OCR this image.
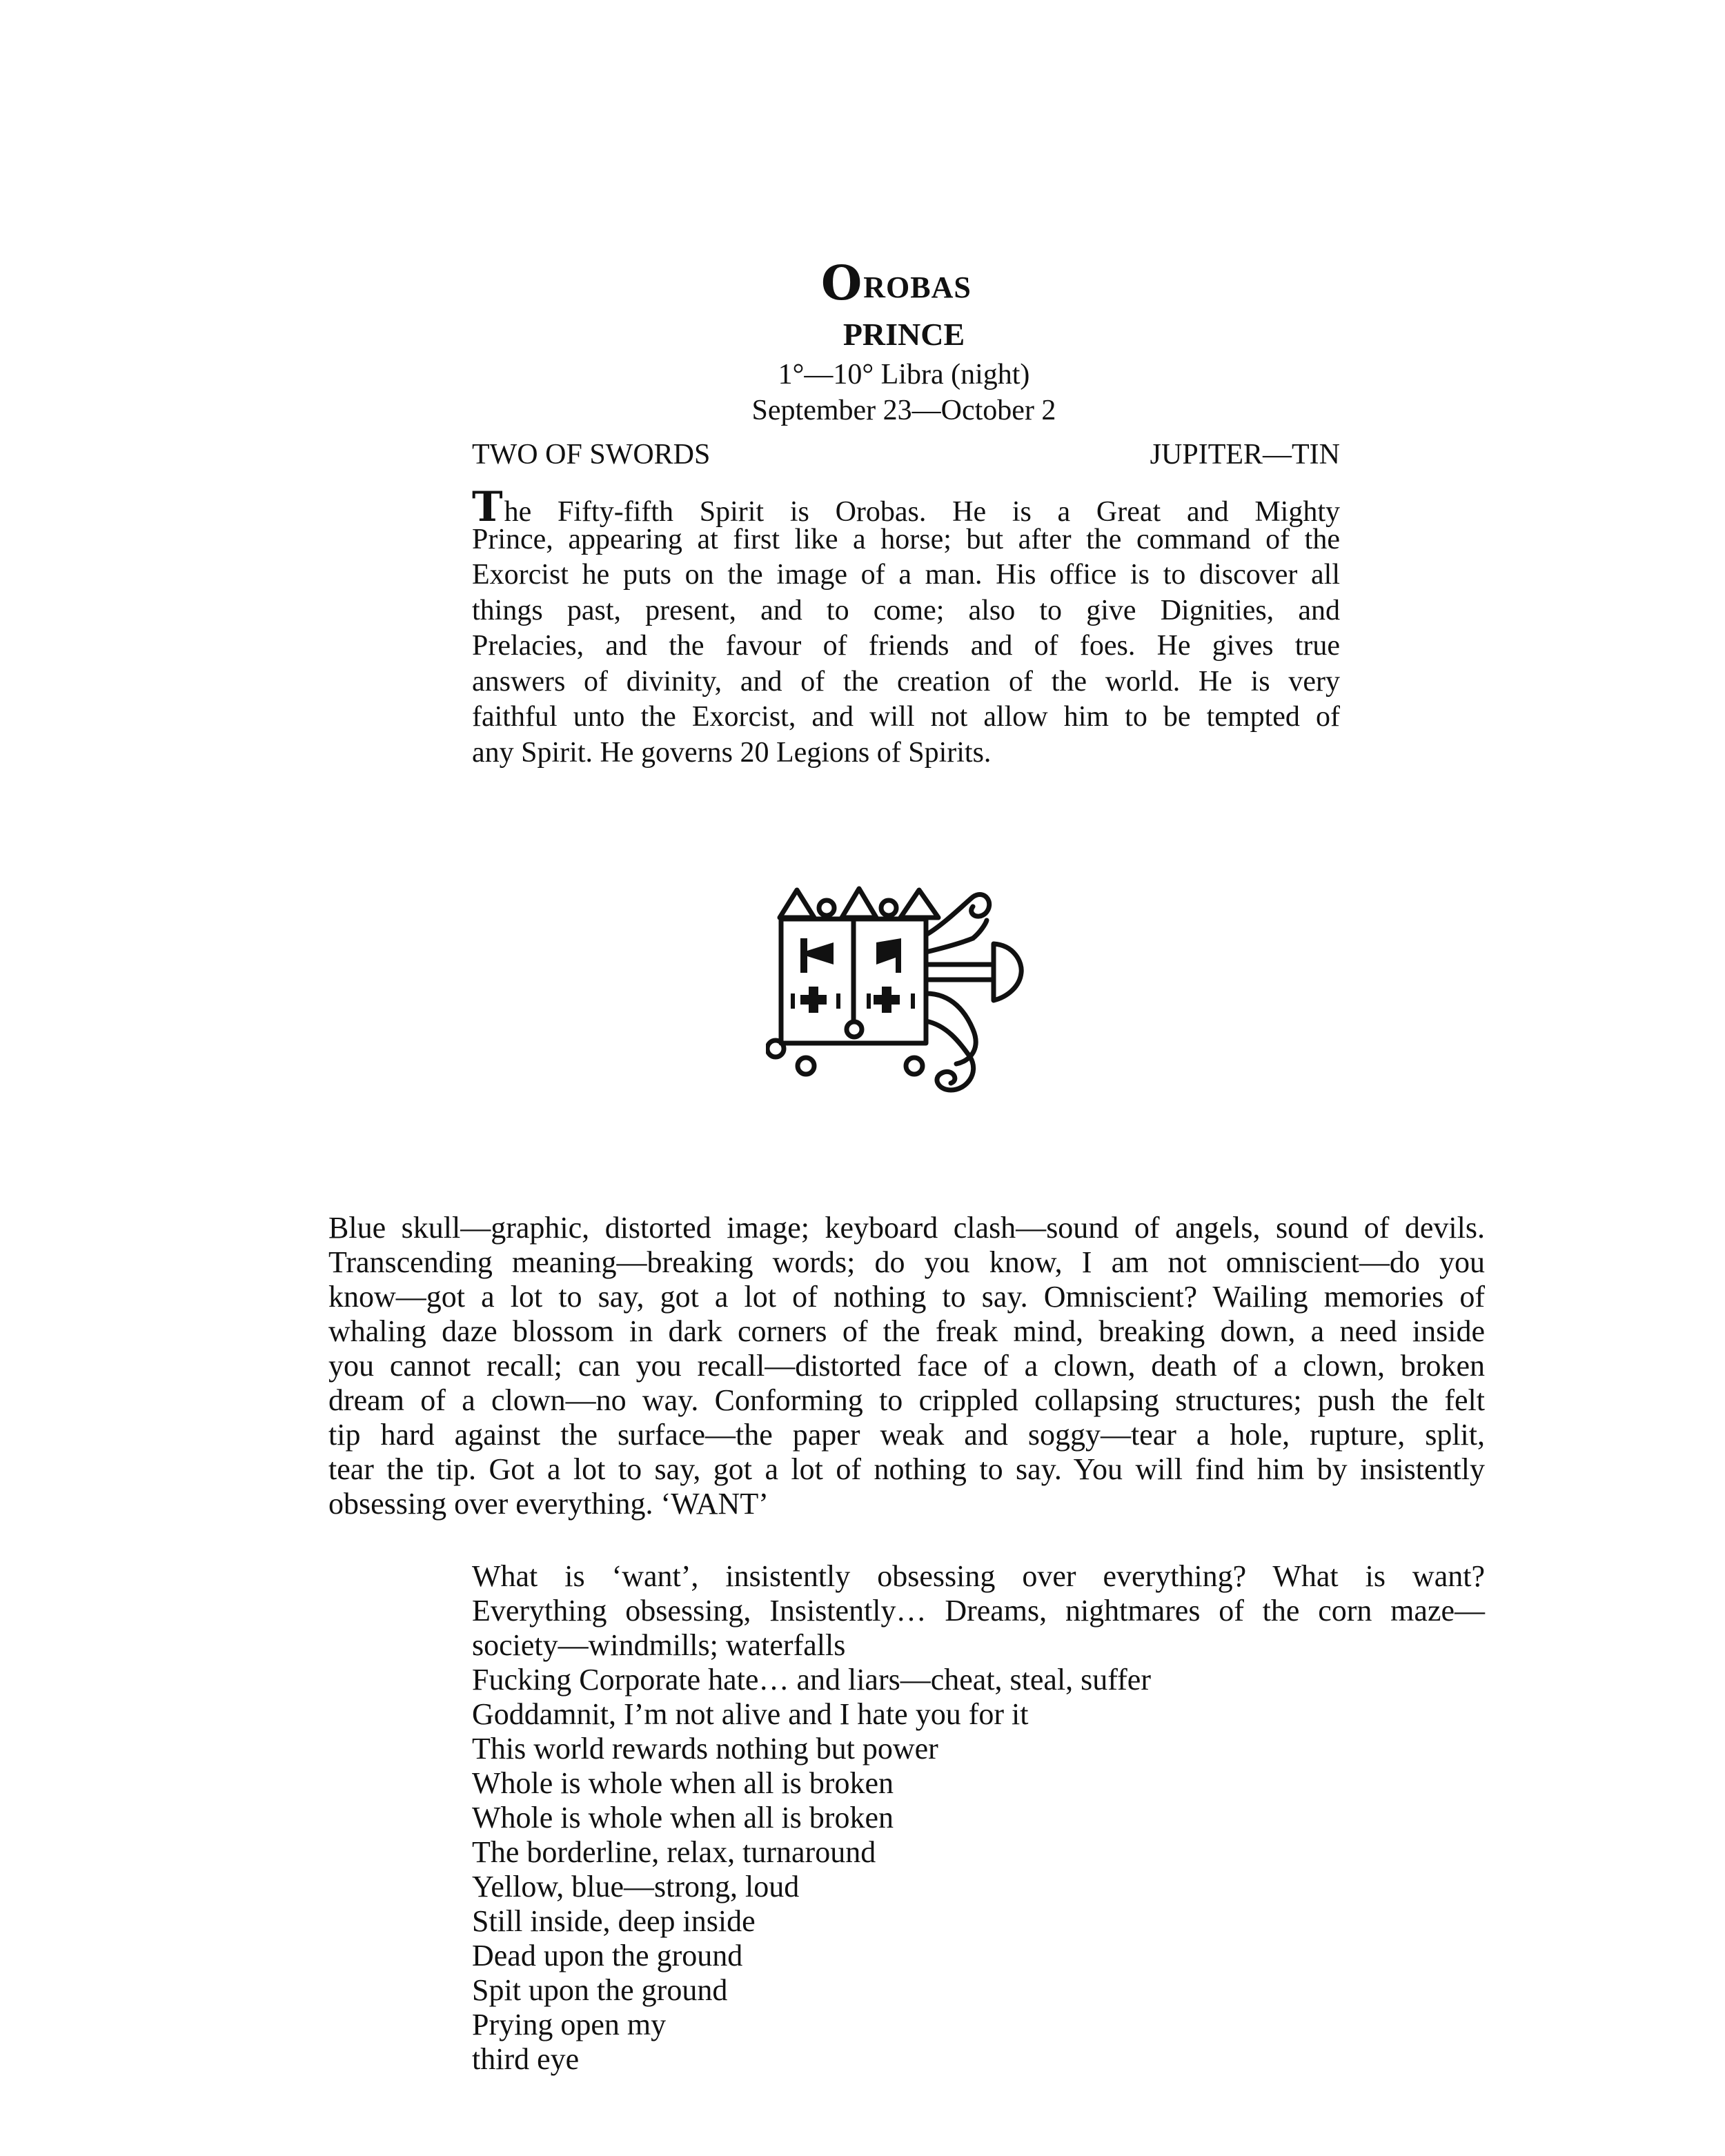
O ROBAS
PRINCE
1°—10° Libra (night)
September 23—October 2
TWO OF SWORDS	JUPITER—TIN
The Fifty-fifth Spirit is Orobas. He is a Great and Mighty
Prince, appearing at first like a horse; but after the command of the
Exorcist he puts on the image of a man. His office is to discover all
things past, present, and to come; also to give Dignities, and
Prelacies, and the favour of friends and of foes. He gives true
answers of divinity, and of the creation of the world. He is very
faithful unto the Exorcist, and will not allow him to be tempted of
any Spirit. He governs 20 Legions of Spirits.
Blue skull—graphic, distorted image; keyboard clash—sound of angels, sound of devils.
Transcending meaning—breaking words; do you know, I am not omniscient—do you
know—got a lot to say, got a lot of nothing to say. Omniscient? Wailing memories of
whaling daze blossom in dark corners of the freak mind, breaking down, a need inside
you cannot recall; can you recall—distorted face of a clown, death of a clown, broken
dream of a clown—no way. Conforming to crippled collapsing structures; push the felt
tip hard against the surface—the paper weak and soggy—tear a hole, rupture, split,
tear the tip. Got a lot to say, got a lot of nothing to say. You will find him by insistently
obsessing over everything. ‘WANT’
What is ‘want’, insistently obsessing over everything? What is want?
Everything obsessing, Insistently… Dreams, nightmares of the corn maze—
society—windmills; waterfalls
Fucking Corporate hate… and liars—cheat, steal, suffer
Goddamnit, I’m not alive and I hate you for it
This world rewards nothing but power
Whole is whole when all is broken
Whole is whole when all is broken
The borderline, relax, turnaround
Yellow, blue—strong, loud
Still inside, deep inside
Dead upon the ground
Spit upon the ground
Prying open my
third eye
